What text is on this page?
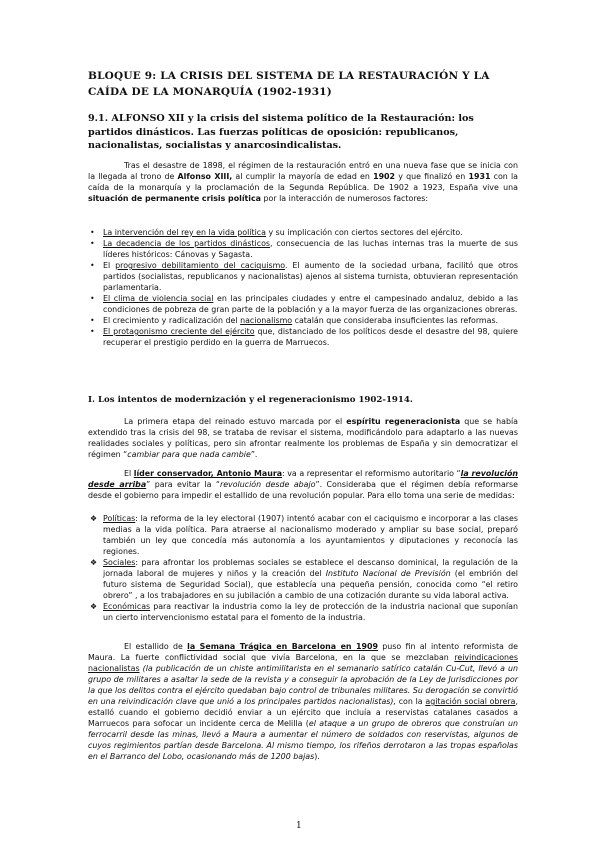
BLOQUE 9: LA CRISIS DEL SISTEMA DE LA RESTAURACIÓN Y LA CAÍDA DE LA MONARQUÍA (1902-1931)
9.1. ALFONSO XII y la crisis del sistema político de la Restauración: los partidos dinásticos. Las fuerzas políticas de oposición: republicanos, nacionalistas, socialistas y anarcosindicalistas.

Tras el desastre de 1898, el régimen de la restauración entró en una nueva fase que se inicia con la llegada al trono de Alfonso XIII, al cumplir la mayoría de edad en 1902 y que finalizó en 1931 con la caída de la monarquía y la proclamación de la Segunda República. De 1902 a 1923, España vive una situación de permanente crisis política por la interacción de numerosos factores:

• La intervención del rey en la vida política y su implicación con ciertos sectores del ejército.
• La decadencia de los partidos dinásticos, consecuencia de las luchas internas tras la muerte de sus líderes históricos: Cánovas y Sagasta.
• El progresivo debilitamiento del caciquismo. El aumento de la sociedad urbana, facilitó que otros partidos (socialistas, republicanos y nacionalistas) ajenos al sistema turnista, obtuvieran representación parlamentaria.
• El clima de violencia social en las principales ciudades y entre el campesinado andaluz, debido a las condiciones de pobreza de gran parte de la población y a la mayor fuerza de las organizaciones obreras.
• El crecimiento y radicalización del nacionalismo catalán que consideraba insuficientes las reformas.
• El protagonismo creciente del ejército que, distanciado de los políticos desde el desastre del 98, quiere recuperar el prestigio perdido en la guerra de Marruecos.
I. Los intentos de modernización y el regeneracionismo 1902-1914.

La primera etapa del reinado estuvo marcada por el espíritu regeneracionista que se había extendido tras la crisis del 98, se trataba de revisar el sistema, modificándolo para adaptarlo a las nuevas realidades sociales y políticas, pero sin afrontar realmente los problemas de España y sin democratizar el régimen “cambiar para que nada cambie”.

El líder conservador, Antonio Maura: va a representar el reformismo autoritario “la revolución desde arriba” para evitar la “revolución desde abajo”. Consideraba que el régimen debía reformarse desde el gobierno para impedir el estallido de una revolución popular. Para ello toma una serie de medidas:

❖ Políticas: la reforma de la ley electoral (1907) intentó acabar con el caciquismo e incorporar a las clases medias a la vida política. Para atraerse al nacionalismo moderado y ampliar su base social, preparó también un ley que concedía más autonomía a los ayuntamientos y diputaciones y reconocía las regiones.
❖ Sociales: para afrontar los problemas sociales se establece el descanso dominical, la regulación de la jornada laboral de mujeres y niños y la creación del Instituto Nacional de Previsión (el embrión del futuro sistema de Seguridad Social), que establecía una pequeña pensión, conocida como “el retiro obrero” , a los trabajadores en su jubilación a cambio de una cotización durante su vida laboral activa.
❖ Económicas para reactivar la industria como la ley de protección de la industria nacional que suponían un cierto intervencionismo estatal para el fomento de la industria.

El estallido de la Semana Trágica en Barcelona en 1909 puso fin al intento reformista de Maura. La fuerte conflictividad social que vivía Barcelona, en la que se mezclaban reivindicaciones nacionalistas (la publicación de un chiste antimilitarista en el semanario satírico catalán Cu-Cut, llevó a un grupo de militares a asaltar la sede de la revista y a conseguir la aprobación de la Ley de Jurisdicciones por la que los delitos contra el ejército quedaban bajo control de tribunales militares. Su derogación se convirtió en una reivindicación clave que unió a los principales partidos nacionalistas), con la agitación social obrera, estalló cuando el gobierno decidió enviar a un ejército que incluía a reservistas catalanes casados a Marruecos para sofocar un incidente cerca de Melilla (el ataque a un grupo de obreros que construían un ferrocarril desde las minas, llevó a Maura a aumentar el número de soldados con reservistas, algunos de cuyos regimientos partían desde Barcelona. Al mismo tiempo, los rifeños derrotaron a las tropas españolas en el Barranco del Lobo, ocasionando más de 1200 bajas).

1
